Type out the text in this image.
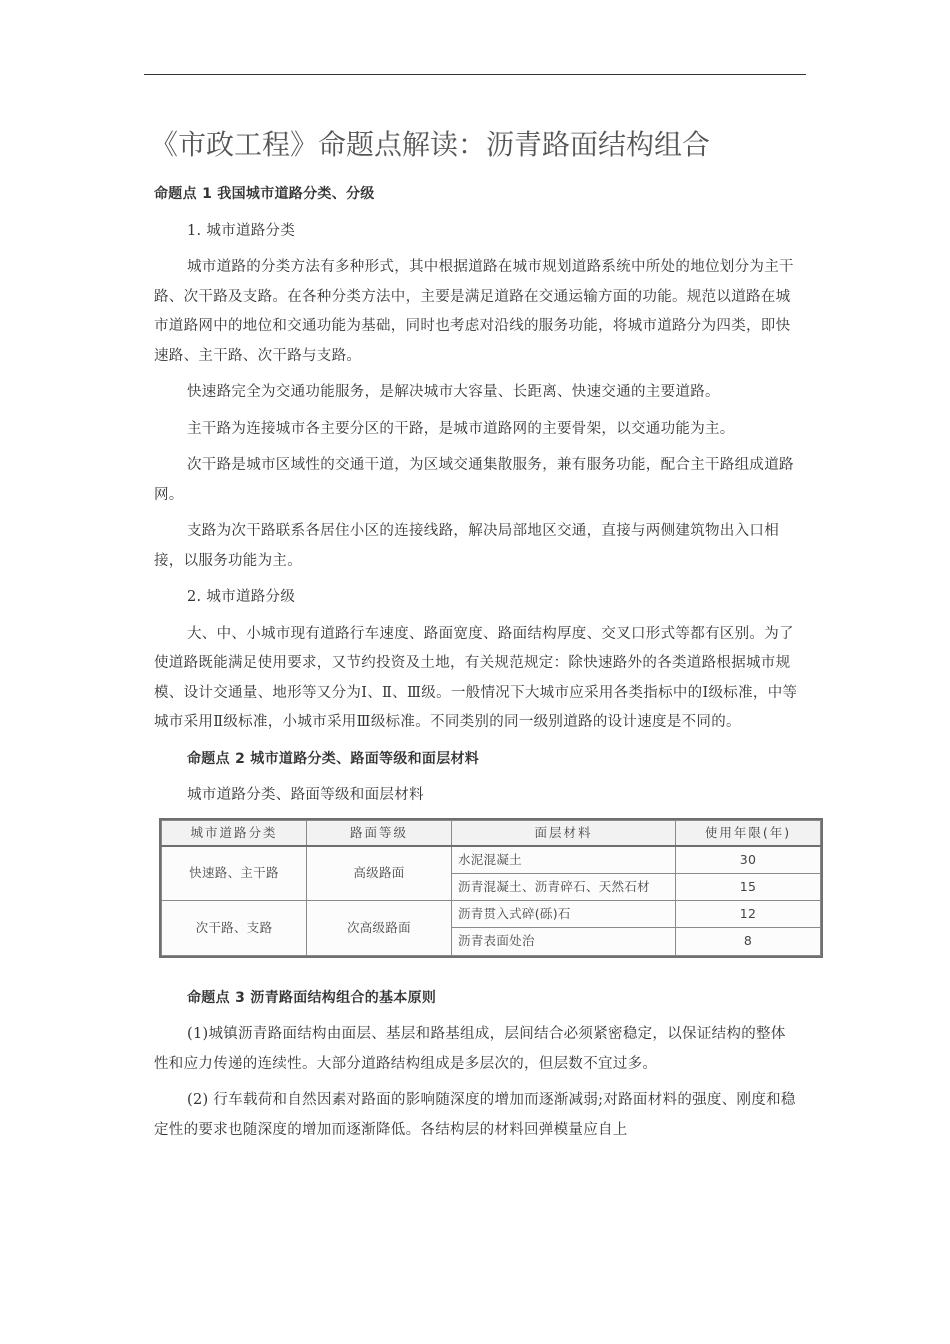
《市政工程》命题点解读：沥青路面结构组合

命题点 1 我国城市道路分类、分级

1. 城市道路分类

城市道路的分类方法有多种形式，其中根据道路在城市规划道路系统中所处的地位划分为主干路、次干路及支路。在各种分类方法中，主要是满足道路在交通运输方面的功能。规范以道路在城市道路网中的地位和交通功能为基础，同时也考虑对沿线的服务功能，将城市道路分为四类，即快速路、主干路、次干路与支路。

快速路完全为交通功能服务，是解决城市大容量、长距离、快速交通的主要道路。

主干路为连接城市各主要分区的干路，是城市道路网的主要骨架，以交通功能为主。

次干路是城市区域性的交通干道，为区域交通集散服务，兼有服务功能，配合主干路组成道路网。

支路为次干路联系各居住小区的连接线路，解决局部地区交通，直接与两侧建筑物出入口相接，以服务功能为主。

2. 城市道路分级

大、中、小城市现有道路行车速度、路面宽度、路面结构厚度、交叉口形式等都有区别。为了使道路既能满足使用要求，又节约投资及土地，有关规范规定：除快速路外的各类道路根据城市规模、设计交通量、地形等又分为Ⅰ、Ⅱ、Ⅲ级。一般情况下大城市应采用各类指标中的Ⅰ级标准，中等城市采用Ⅱ级标准，小城市采用Ⅲ级标准。不同类别的同一级别道路的设计速度是不同的。

命题点 2 城市道路分类、路面等级和面层材料

城市道路分类、路面等级和面层材料

城市道路分类	路面等级	面层材料	使用年限(年)
快速路、主干路	高级路面	水泥混凝土	30
		沥青混凝土、沥青碎石、天然石材	15
次干路、支路	次高级路面	沥青贯入式碎(砾)石	12
		沥青表面处治	8

命题点 3 沥青路面结构组合的基本原则

(1)城镇沥青路面结构由面层、基层和路基组成，层间结合必须紧密稳定，以保证结构的整体性和应力传递的连续性。大部分道路结构组成是多层次的，但层数不宜过多。

(2) 行车载荷和自然因素对路面的影响随深度的增加而逐渐减弱;对路面材料的强度、刚度和稳定性的要求也随深度的增加而逐渐降低。各结构层的材料回弹模量应自上
